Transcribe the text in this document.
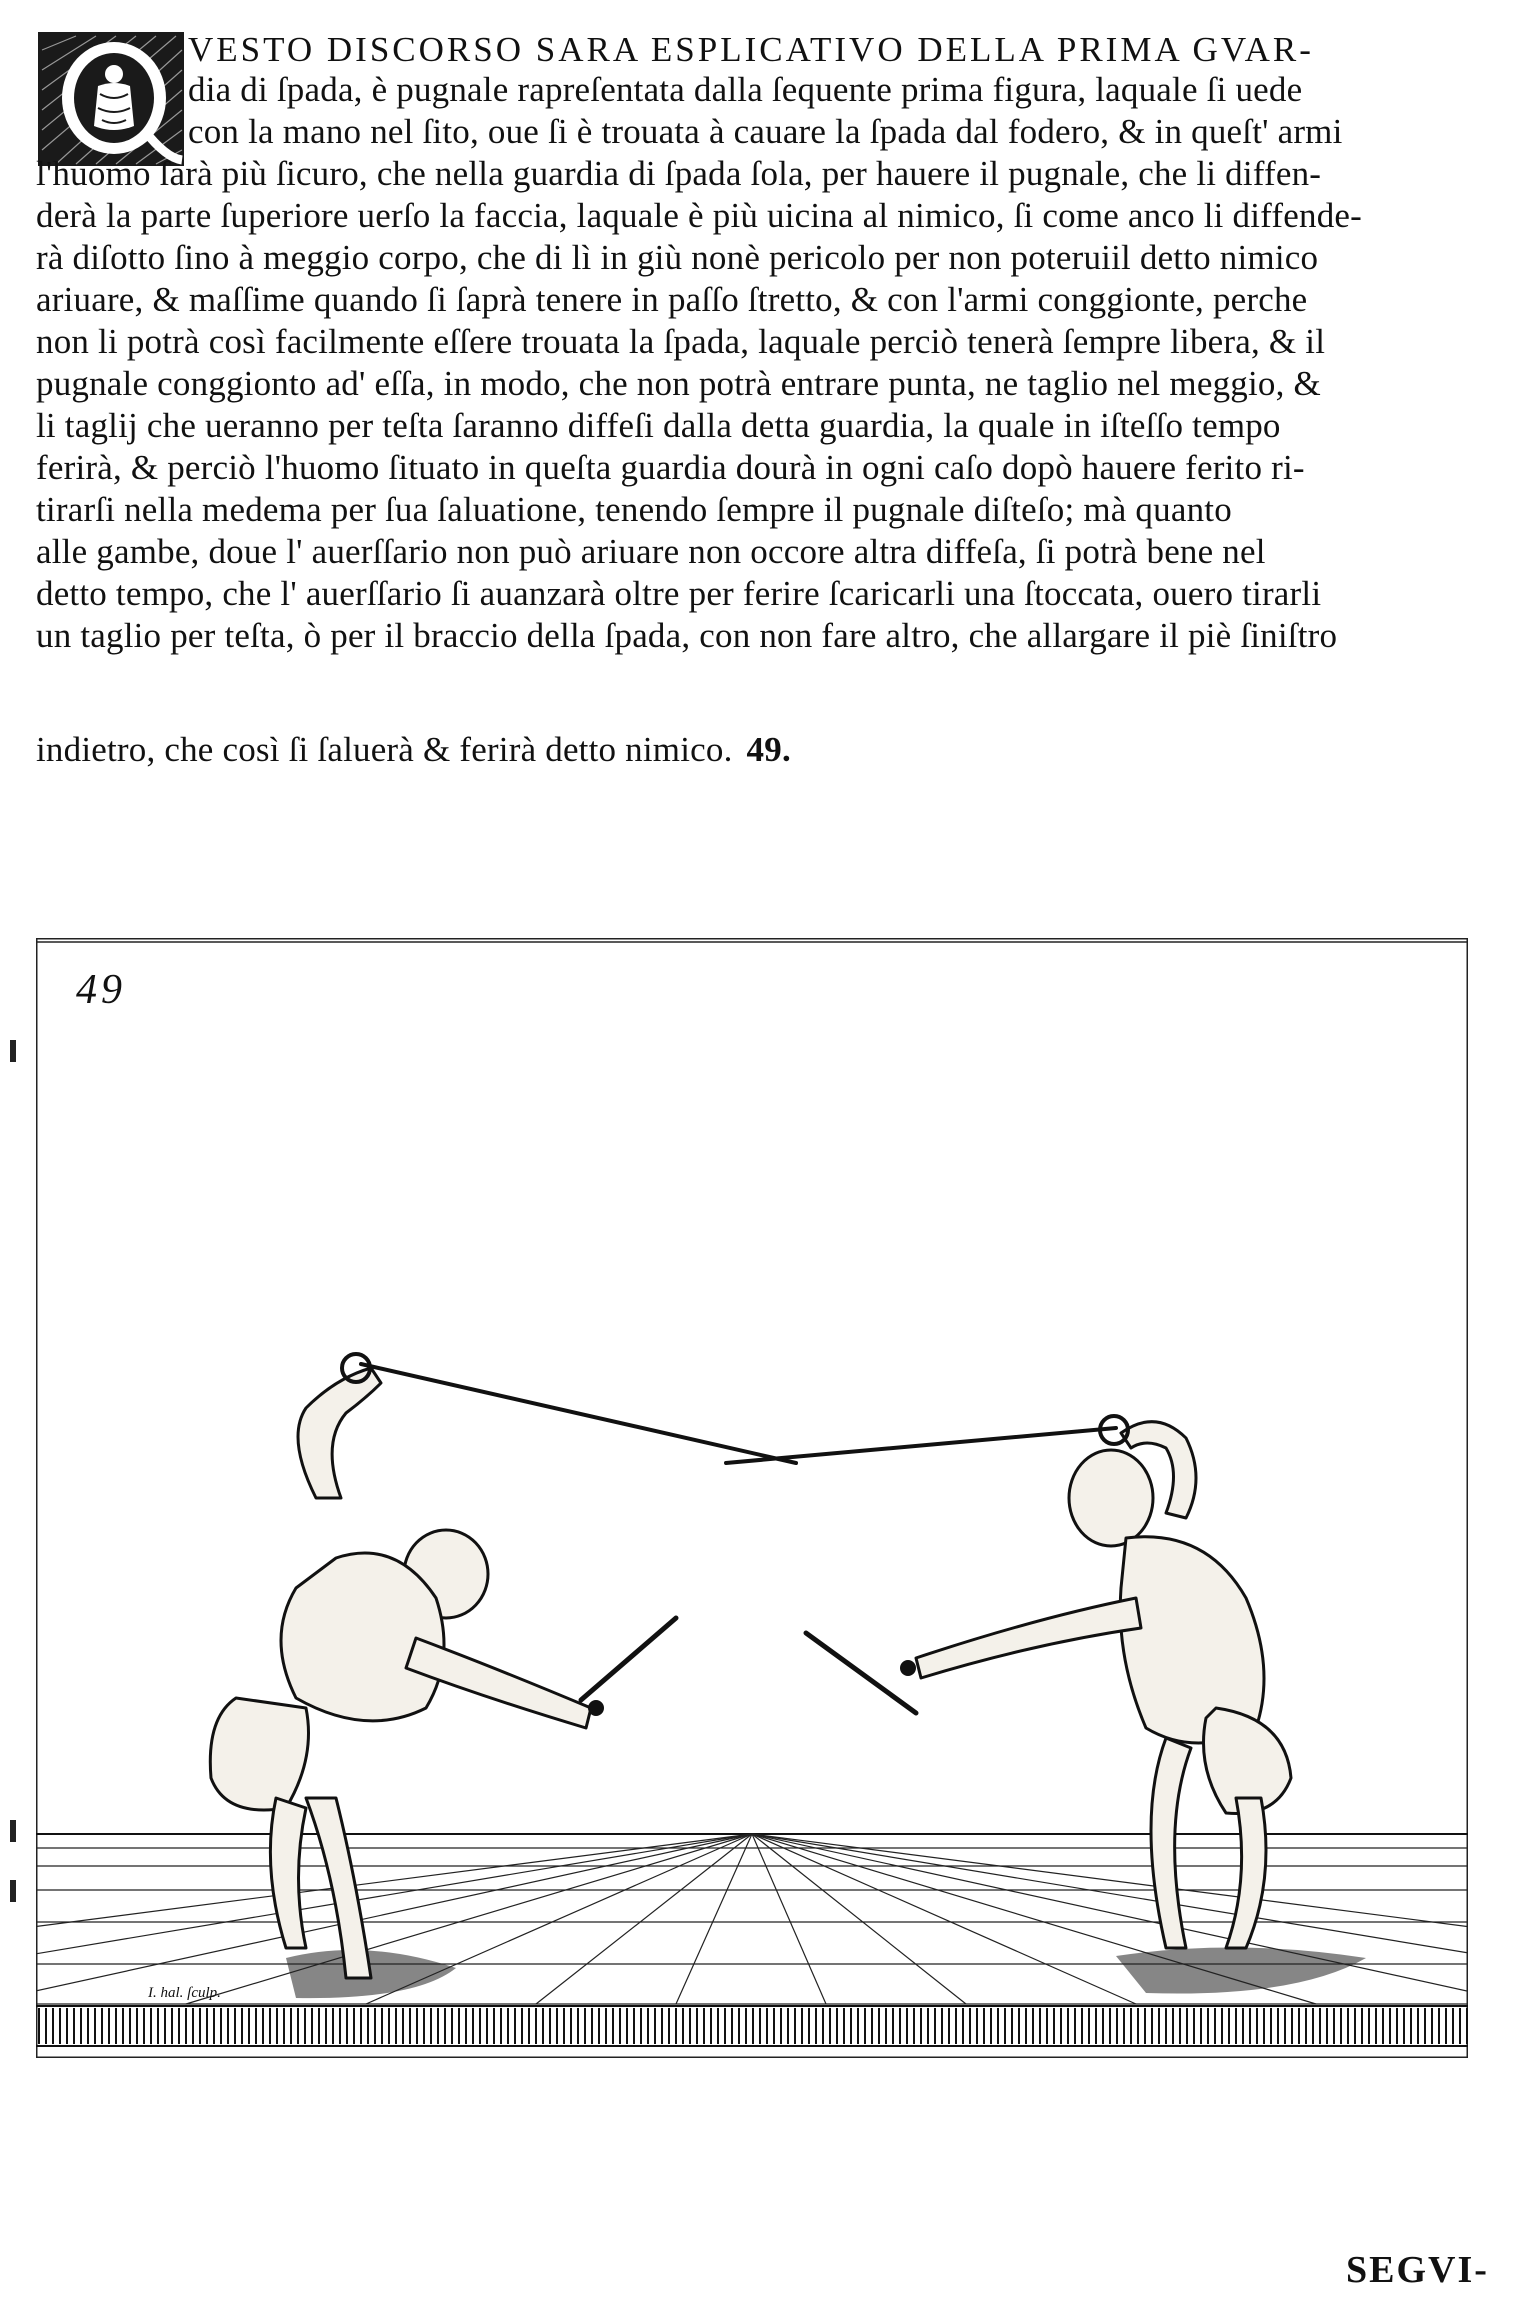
VESTO DISCORSO SARA ESPLICATIVO DELLA PRIMA GVAR-
dia di ſpada, è pugnale rapreſentata dalla ſequente prima figura, laquale ſi uede
con la mano nel ſito, oue ſi è trouata à cauare la ſpada dal fodero, & in queſt' armi
l'huomo ſarà più ſicuro, che nella guardia di ſpada ſola, per hauere il pugnale, che li diffen-
derà la parte ſuperiore uerſo la faccia, laquale è più uicina al nimico, ſi come anco li diffende-
rà diſotto ſino à meggio corpo, che di lì in giù nonè pericolo per non poteruiil detto nimico
ariuare, & maſſime quando ſi ſaprà tenere in paſſo ſtretto, & con l'armi conggionte, perche
non li potrà così facilmente eſſere trouata la ſpada, laquale perciò tenerà ſempre libera, & il
pugnale conggionto ad' eſſa, in modo, che non potrà entrare punta, ne taglio nel meggio, &
li taglij che ueranno per teſta ſaranno diffeſi dalla detta guardia, la quale in iſteſſo tempo
ferirà, & perciò l'huomo ſituato in queſta guardia dourà in ogni caſo dopò hauere ferito ri-
tirarſi nella medema per ſua ſaluatione, tenendo ſempre il pugnale diſteſo; mà quanto
alle gambe, doue l' auerſſario non può ariuare non occore altra diffeſa, ſi potrà bene nel
detto tempo, che l' auerſſario ſi auanzarà oltre per ferire ſcaricarli una ſtoccata, ouero tirarli
un taglio per teſta, ò per il braccio della ſpada, con non fare altro, che allargare il piè ſiniſtro
indietro, che così ſi ſaluerà & ferirà detto nimico. 49.
49
I. hal. ſculp.
SEGVI-
